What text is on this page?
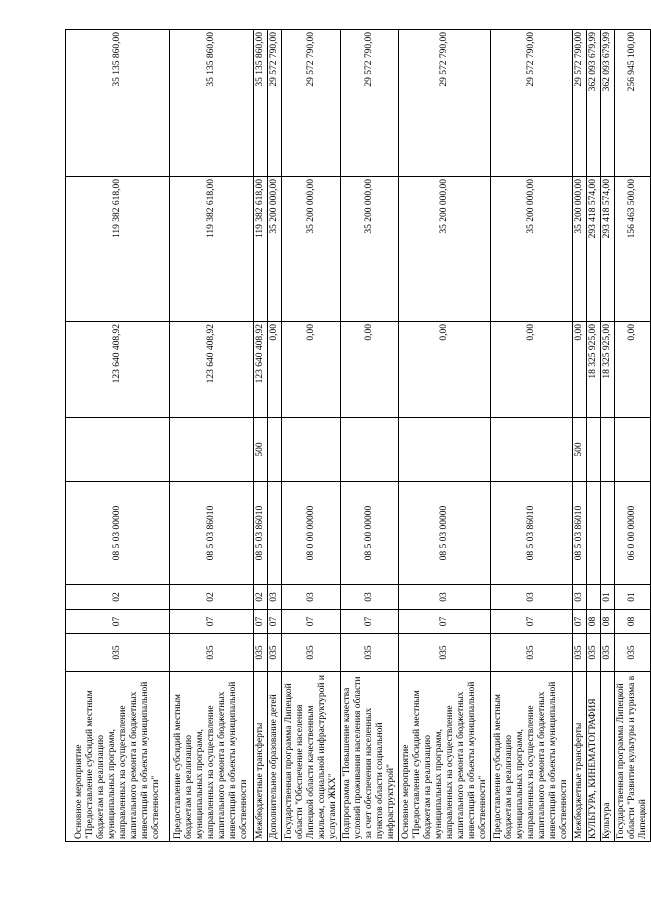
Основное мероприятие "Предоставление субсидий местным бюджетам на реализацию муниципальных программ, направленных на осуществление капитального ремонта и бюджетных инвестиций в объекты муниципальной собственности"	035	07	02	08 5 03 00000		123 640 408,92	119 382 618,00	35 135 860,00
Предоставление субсидий местным бюджетам на реализацию муниципальных программ, направленных на осуществление капитального ремонта и бюджетных инвестиций в объекты муниципальной собственности	035	07	02	08 5 03 86010		123 640 408,92	119 382 618,00	35 135 860,00
Межбюджетные трансферты	035	07	02	08 5 03 86010	500	123 640 408,92	119 382 618,00	35 135 860,00
Дополнительное образование детей	035	07	03			0,00	35 200 000,00	29 572 790,00
Государственная программа Липецкой области "Обеспечение населения Липецкой области качественным жильем, социальной инфраструктурой и услугами ЖКХ"	035	07	03	08 0 00 00000		0,00	35 200 000,00	29 572 790,00
Подпрограмма "Повышение качества условий проживания населения области за счет обеспечения населенных пунктов области социальной инфраструктурой"	035	07	03	08 5 00 00000		0,00	35 200 000,00	29 572 790,00
Основное мероприятие "Предоставление субсидий местным бюджетам на реализацию муниципальных программ, направленных на осуществление капитального ремонта и бюджетных инвестиций в объекты муниципальной собственности"	035	07	03	08 5 03 00000		0,00	35 200 000,00	29 572 790,00
Предоставление субсидий местным бюджетам на реализацию муниципальных программ, направленных на осуществление капитального ремонта и бюджетных инвестиций в объекты муниципальной собственности	035	07	03	08 5 03 86010		0,00	35 200 000,00	29 572 790,00
Межбюджетные трансферты	035	07	03	08 5 03 86010	500	0,00	35 200 000,00	29 572 790,00
КУЛЬТУРА, КИНЕМАТОГРАФИЯ	035	08				18 325 925,00	293 418 574,00	362 093 679,99
Культура	035	08	01			18 325 925,00	293 418 574,00	362 093 679,99
Государственная программа Липецкой области "Развитие культуры и туризма в Липецкой	035	08	01	06 0 00 00000		0,00	156 463 500,00	256 945 100,00
